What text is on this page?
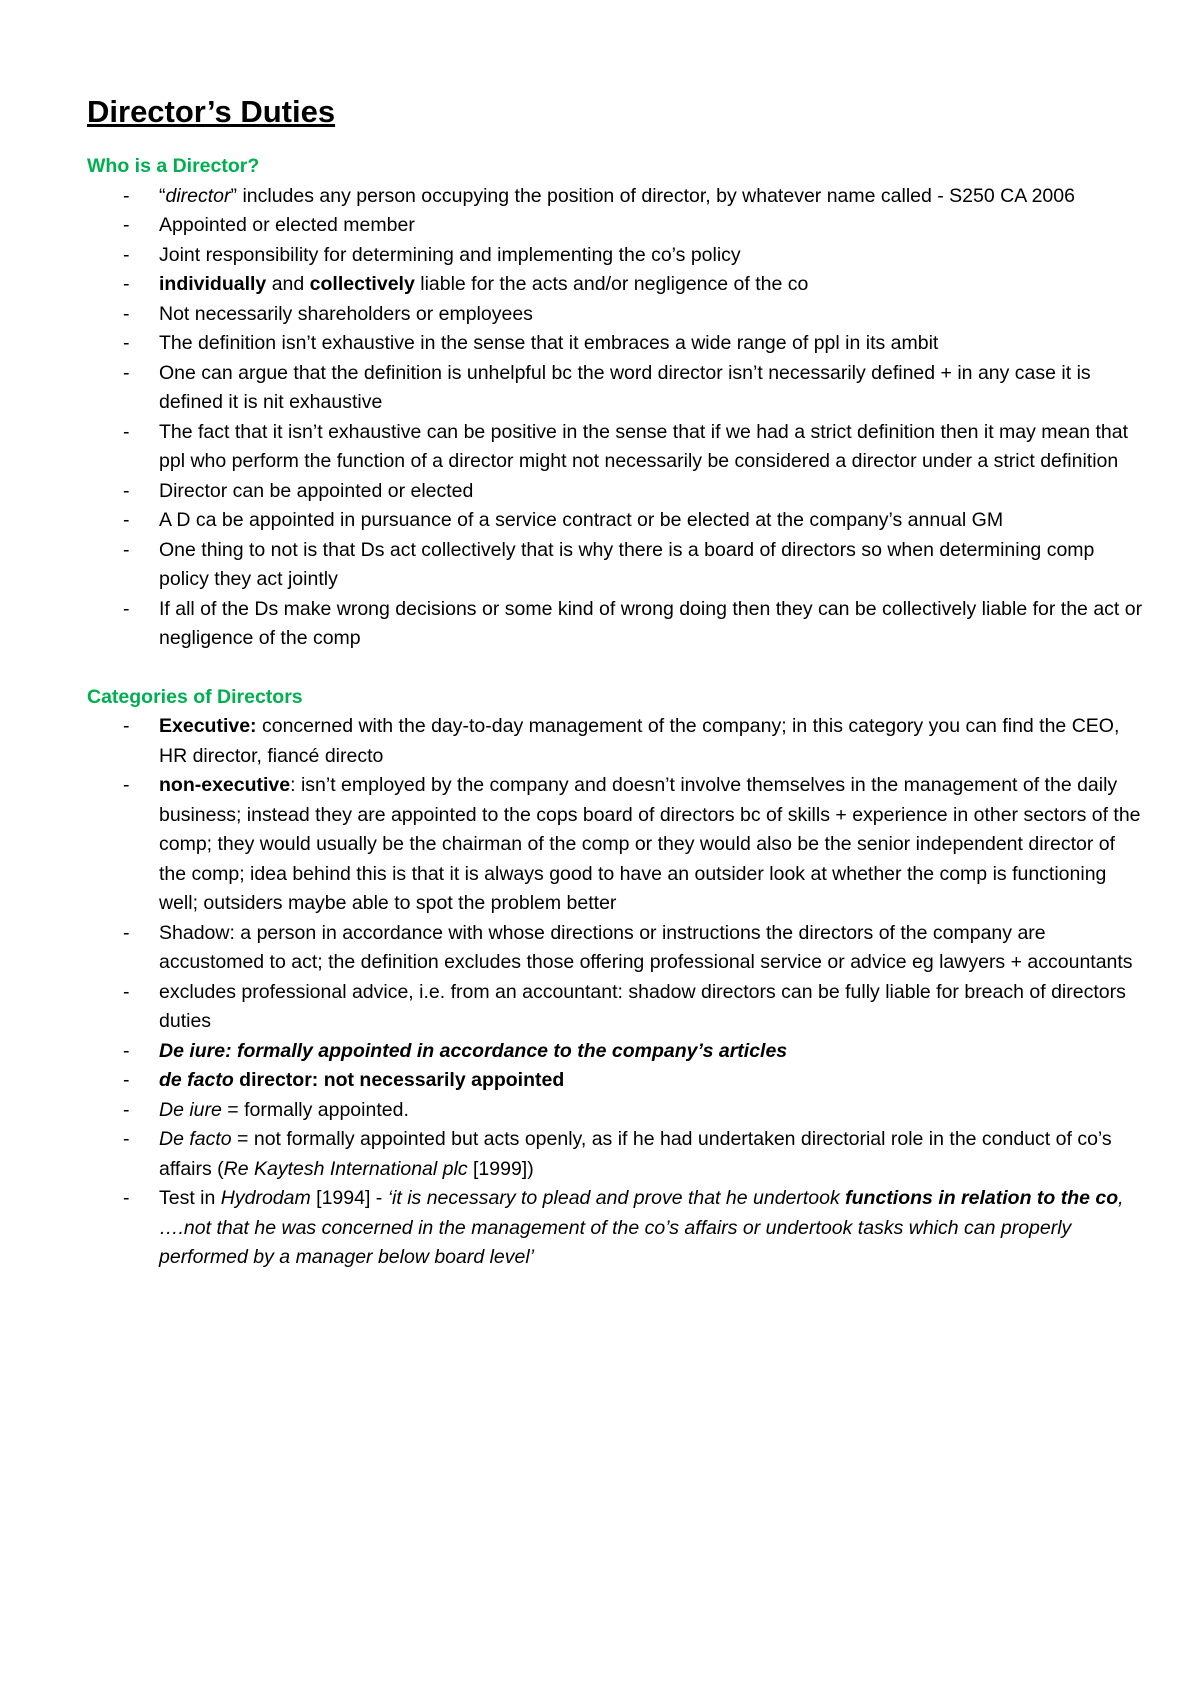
Director’s Duties
Who is a Director?
- “director” includes any person occupying the position of director, by whatever name called - S250 CA 2006
- Appointed or elected member
- Joint responsibility for determining and implementing the co’s policy
- individually and collectively liable for the acts and/or negligence of the co
- Not necessarily shareholders or employees
- The definition isn’t exhaustive in the sense that it embraces a wide range of ppl in its ambit
- One can argue that the definition is unhelpful bc the word director isn’t necessarily defined + in any case it is defined it is nit exhaustive
- The fact that it isn’t exhaustive can be positive in the sense that if we had a strict definition then it may mean that ppl who perform the function of a director might not necessarily be considered a director under a strict definition
- Director can be appointed or elected
- A D ca be appointed in pursuance of a service contract or be elected at the company’s annual GM
- One thing to not is that Ds act collectively that is why there is a board of directors so when determining comp policy they act jointly
- If all of the Ds make wrong decisions or some kind of wrong doing then they can be collectively liable for the act or negligence of the comp
Categories of Directors
- Executive: concerned with the day-to-day management of the company; in this category you can find the CEO, HR director, fiancé directo
- non-executive: isn’t employed by the company and doesn’t involve themselves in the management of the daily business; instead they are appointed to the cops board of directors bc of skills + experience in other sectors of the comp; they would usually be the chairman of the comp or they would also be the senior independent director of the comp; idea behind this is that it is always good to have an outsider look at whether the comp is functioning well; outsiders maybe able to spot the problem better
- Shadow: a person in accordance with whose directions or instructions the directors of the company are accustomed to act; the definition excludes those offering professional service or advice eg lawyers + accountants
- excludes professional advice, i.e. from an accountant: shadow directors can be fully liable for breach of directors duties
- De iure: formally appointed in accordance to the company’s articles
- de facto director: not necessarily appointed
- De iure = formally appointed.
- De facto = not formally appointed but acts openly, as if he had undertaken directorial role in the conduct of co’s affairs (Re Kaytesh International plc [1999])
- Test in Hydrodam [1994] - ‘it is necessary to plead and prove that he undertook functions in relation to the co, ….not that he was concerned in the management of the co’s affairs or undertook tasks which can properly performed by a manager below board level’
